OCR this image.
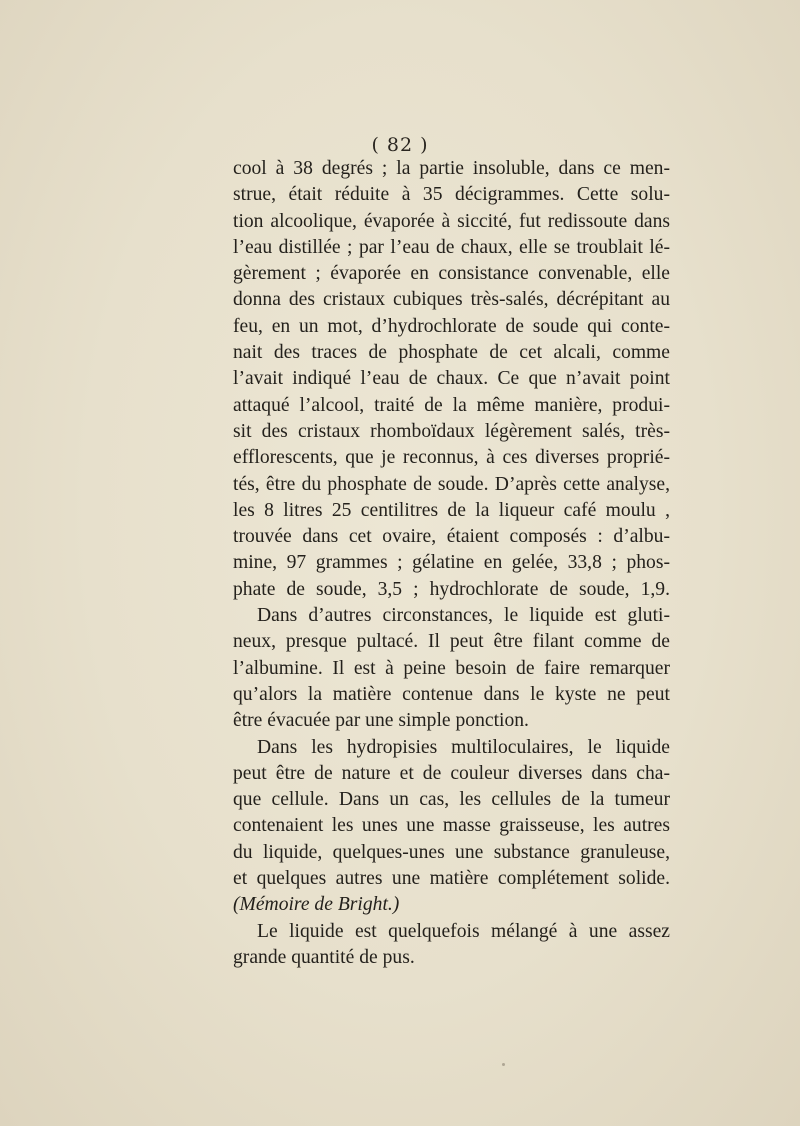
( 82 )
cool à 38 degrés ; la partie insoluble, dans ce men-
strue, était réduite à 35 décigrammes. Cette solu-
tion alcoolique, évaporée à siccité, fut redissoute dans
l’eau distillée ; par l’eau de chaux, elle se troublait lé-
gèrement ; évaporée en consistance convenable, elle
donna des cristaux cubiques très-salés, décrépitant au
feu, en un mot, d’hydrochlorate de soude qui conte-
nait des traces de phosphate de cet alcali, comme
l’avait indiqué l’eau de chaux. Ce que n’avait point
attaqué l’alcool, traité de la même manière, produi-
sit des cristaux rhomboïdaux légèrement salés, très-
efflorescents, que je reconnus, à ces diverses proprié-
tés, être du phosphate de soude. D’après cette analyse,
les 8 litres 25 centilitres de la liqueur café moulu ,
trouvée dans cet ovaire, étaient composés : d’albu-
mine, 97 grammes ; gélatine en gelée, 33,8 ; phos-
phate de soude, 3,5 ; hydrochlorate de soude, 1,9.
Dans d’autres circonstances, le liquide est gluti-
neux, presque pultacé. Il peut être filant comme de
l’albumine. Il est à peine besoin de faire remarquer
qu’alors la matière contenue dans le kyste ne peut
être évacuée par une simple ponction.
Dans les hydropisies multiloculaires, le liquide
peut être de nature et de couleur diverses dans cha-
que cellule. Dans un cas, les cellules de la tumeur
contenaient les unes une masse graisseuse, les autres
du liquide, quelques-unes une substance granuleuse,
et quelques autres une matière complétement solide.
(Mémoire de Bright.)
Le liquide est quelquefois mélangé à une assez
grande quantité de pus.
